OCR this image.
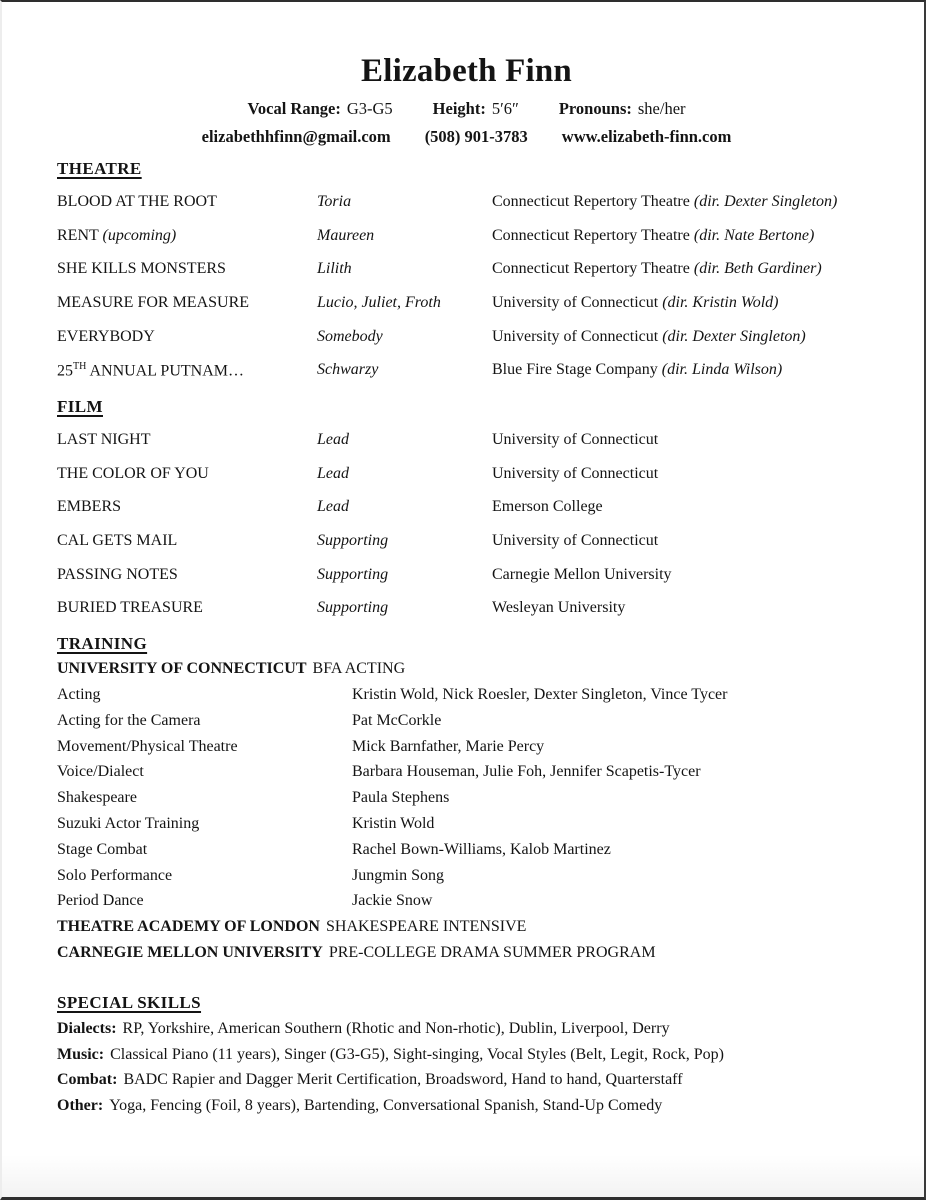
Elizabeth Finn
Vocal Range: G3-G5 Height: 5′6″ Pronouns: she/her
elizabethhfinn@gmail.com (508) 901-3783 www.elizabeth-finn.com
THEATRE
BLOOD AT THE ROOT	Toria	Connecticut Repertory Theatre (dir. Dexter Singleton)
RENT (upcoming)	Maureen	Connecticut Repertory Theatre (dir. Nate Bertone)
SHE KILLS MONSTERS	Lilith	Connecticut Repertory Theatre (dir. Beth Gardiner)
MEASURE FOR MEASURE	Lucio, Juliet, Froth	University of Connecticut (dir. Kristin Wold)
EVERYBODY	Somebody	University of Connecticut (dir. Dexter Singleton)
25TH ANNUAL PUTNAM…	Schwarzy	Blue Fire Stage Company (dir. Linda Wilson)
FILM
LAST NIGHT	Lead	University of Connecticut
THE COLOR OF YOU	Lead	University of Connecticut
EMBERS	Lead	Emerson College
CAL GETS MAIL	Supporting	University of Connecticut
PASSING NOTES	Supporting	Carnegie Mellon University
BURIED TREASURE	Supporting	Wesleyan University
TRAINING
UNIVERSITY OF CONNECTICUT BFA ACTING
Acting	Kristin Wold, Nick Roesler, Dexter Singleton, Vince Tycer
Acting for the Camera	Pat McCorkle
Movement/Physical Theatre	Mick Barnfather, Marie Percy
Voice/Dialect	Barbara Houseman, Julie Foh, Jennifer Scapetis-Tycer
Shakespeare	Paula Stephens
Suzuki Actor Training	Kristin Wold
Stage Combat	Rachel Bown-Williams, Kalob Martinez
Solo Performance	Jungmin Song
Period Dance	Jackie Snow
THEATRE ACADEMY OF LONDON SHAKESPEARE INTENSIVE
CARNEGIE MELLON UNIVERSITY PRE-COLLEGE DRAMA SUMMER PROGRAM
SPECIAL SKILLS
Dialects: RP, Yorkshire, American Southern (Rhotic and Non-rhotic), Dublin, Liverpool, Derry
Music: Classical Piano (11 years), Singer (G3-G5), Sight-singing, Vocal Styles (Belt, Legit, Rock, Pop)
Combat: BADC Rapier and Dagger Merit Certification, Broadsword, Hand to hand, Quarterstaff
Other: Yoga, Fencing (Foil, 8 years), Bartending, Conversational Spanish, Stand-Up Comedy
